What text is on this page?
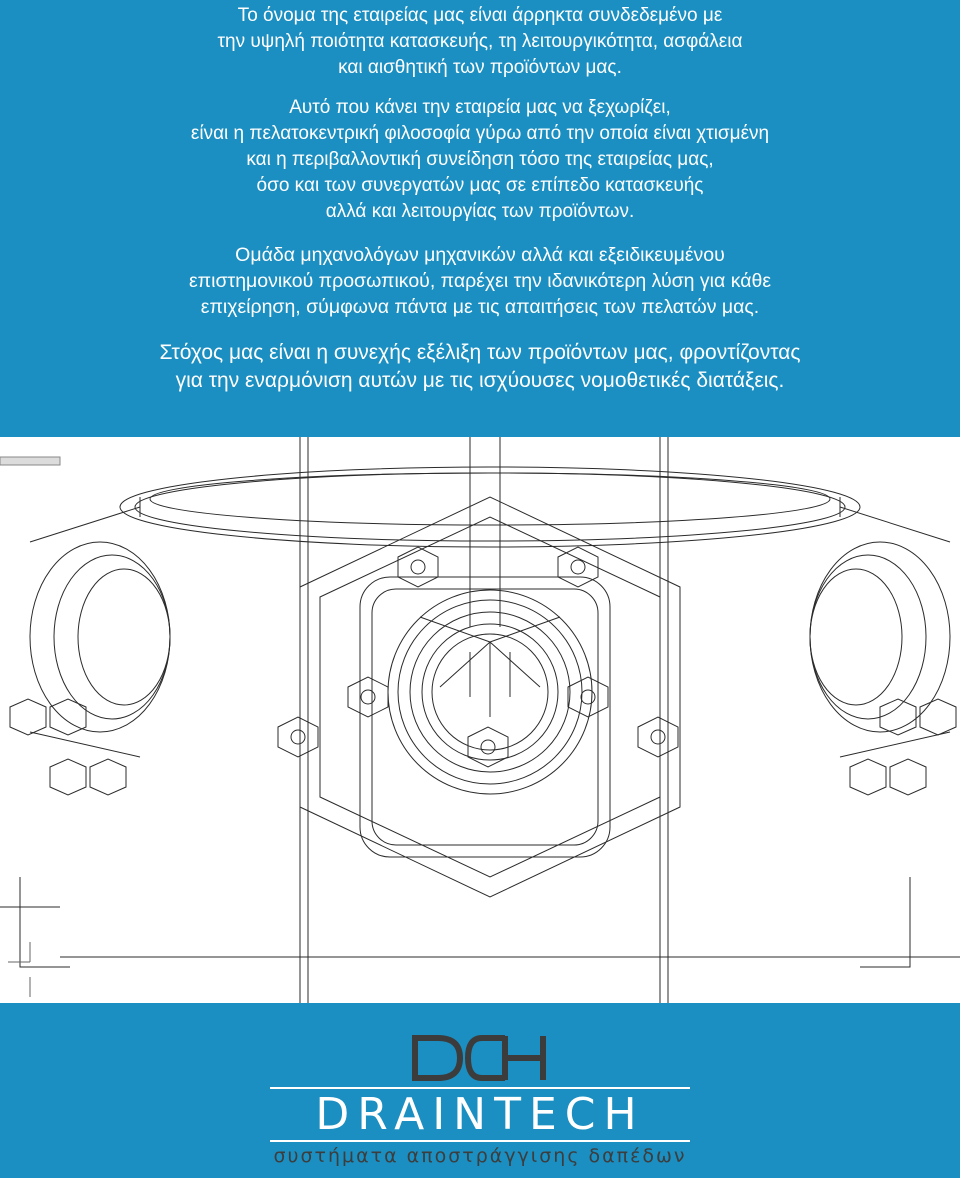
Το όνομα της εταιρείας μας είναι άρρηκτα συνδεδεμένο με
την υψηλή ποιότητα κατασκευής, τη λειτουργικότητα, ασφάλεια
και αισθητική των προϊόντων μας.
Αυτό που κάνει την εταιρεία μας να ξεχωρίζει,
είναι η πελατοκεντρική φιλοσοφία γύρω από την οποία είναι χτισμένη
και η περιβαλλοντική συνείδηση τόσο της εταιρείας μας,
όσο και των συνεργατών μας σε επίπεδο κατασκευής
αλλά και λειτουργίας των προϊόντων.
Ομάδα μηχανολόγων μηχανικών αλλά και εξειδικευμένου
επιστημονικού προσωπικού, παρέχει την ιδανικότερη λύση για κάθε
επιχείρηση, σύμφωνα πάντα με τις απαιτήσεις των πελατών μας.
Στόχος μας είναι η συνεχής εξέλιξη των προϊόντων μας, φροντίζοντας
για την εναρμόνιση αυτών με τις ισχύουσες νομοθετικές διατάξεις.
DRAINTECH
συστήματα αποστράγγισης δαπέδων
